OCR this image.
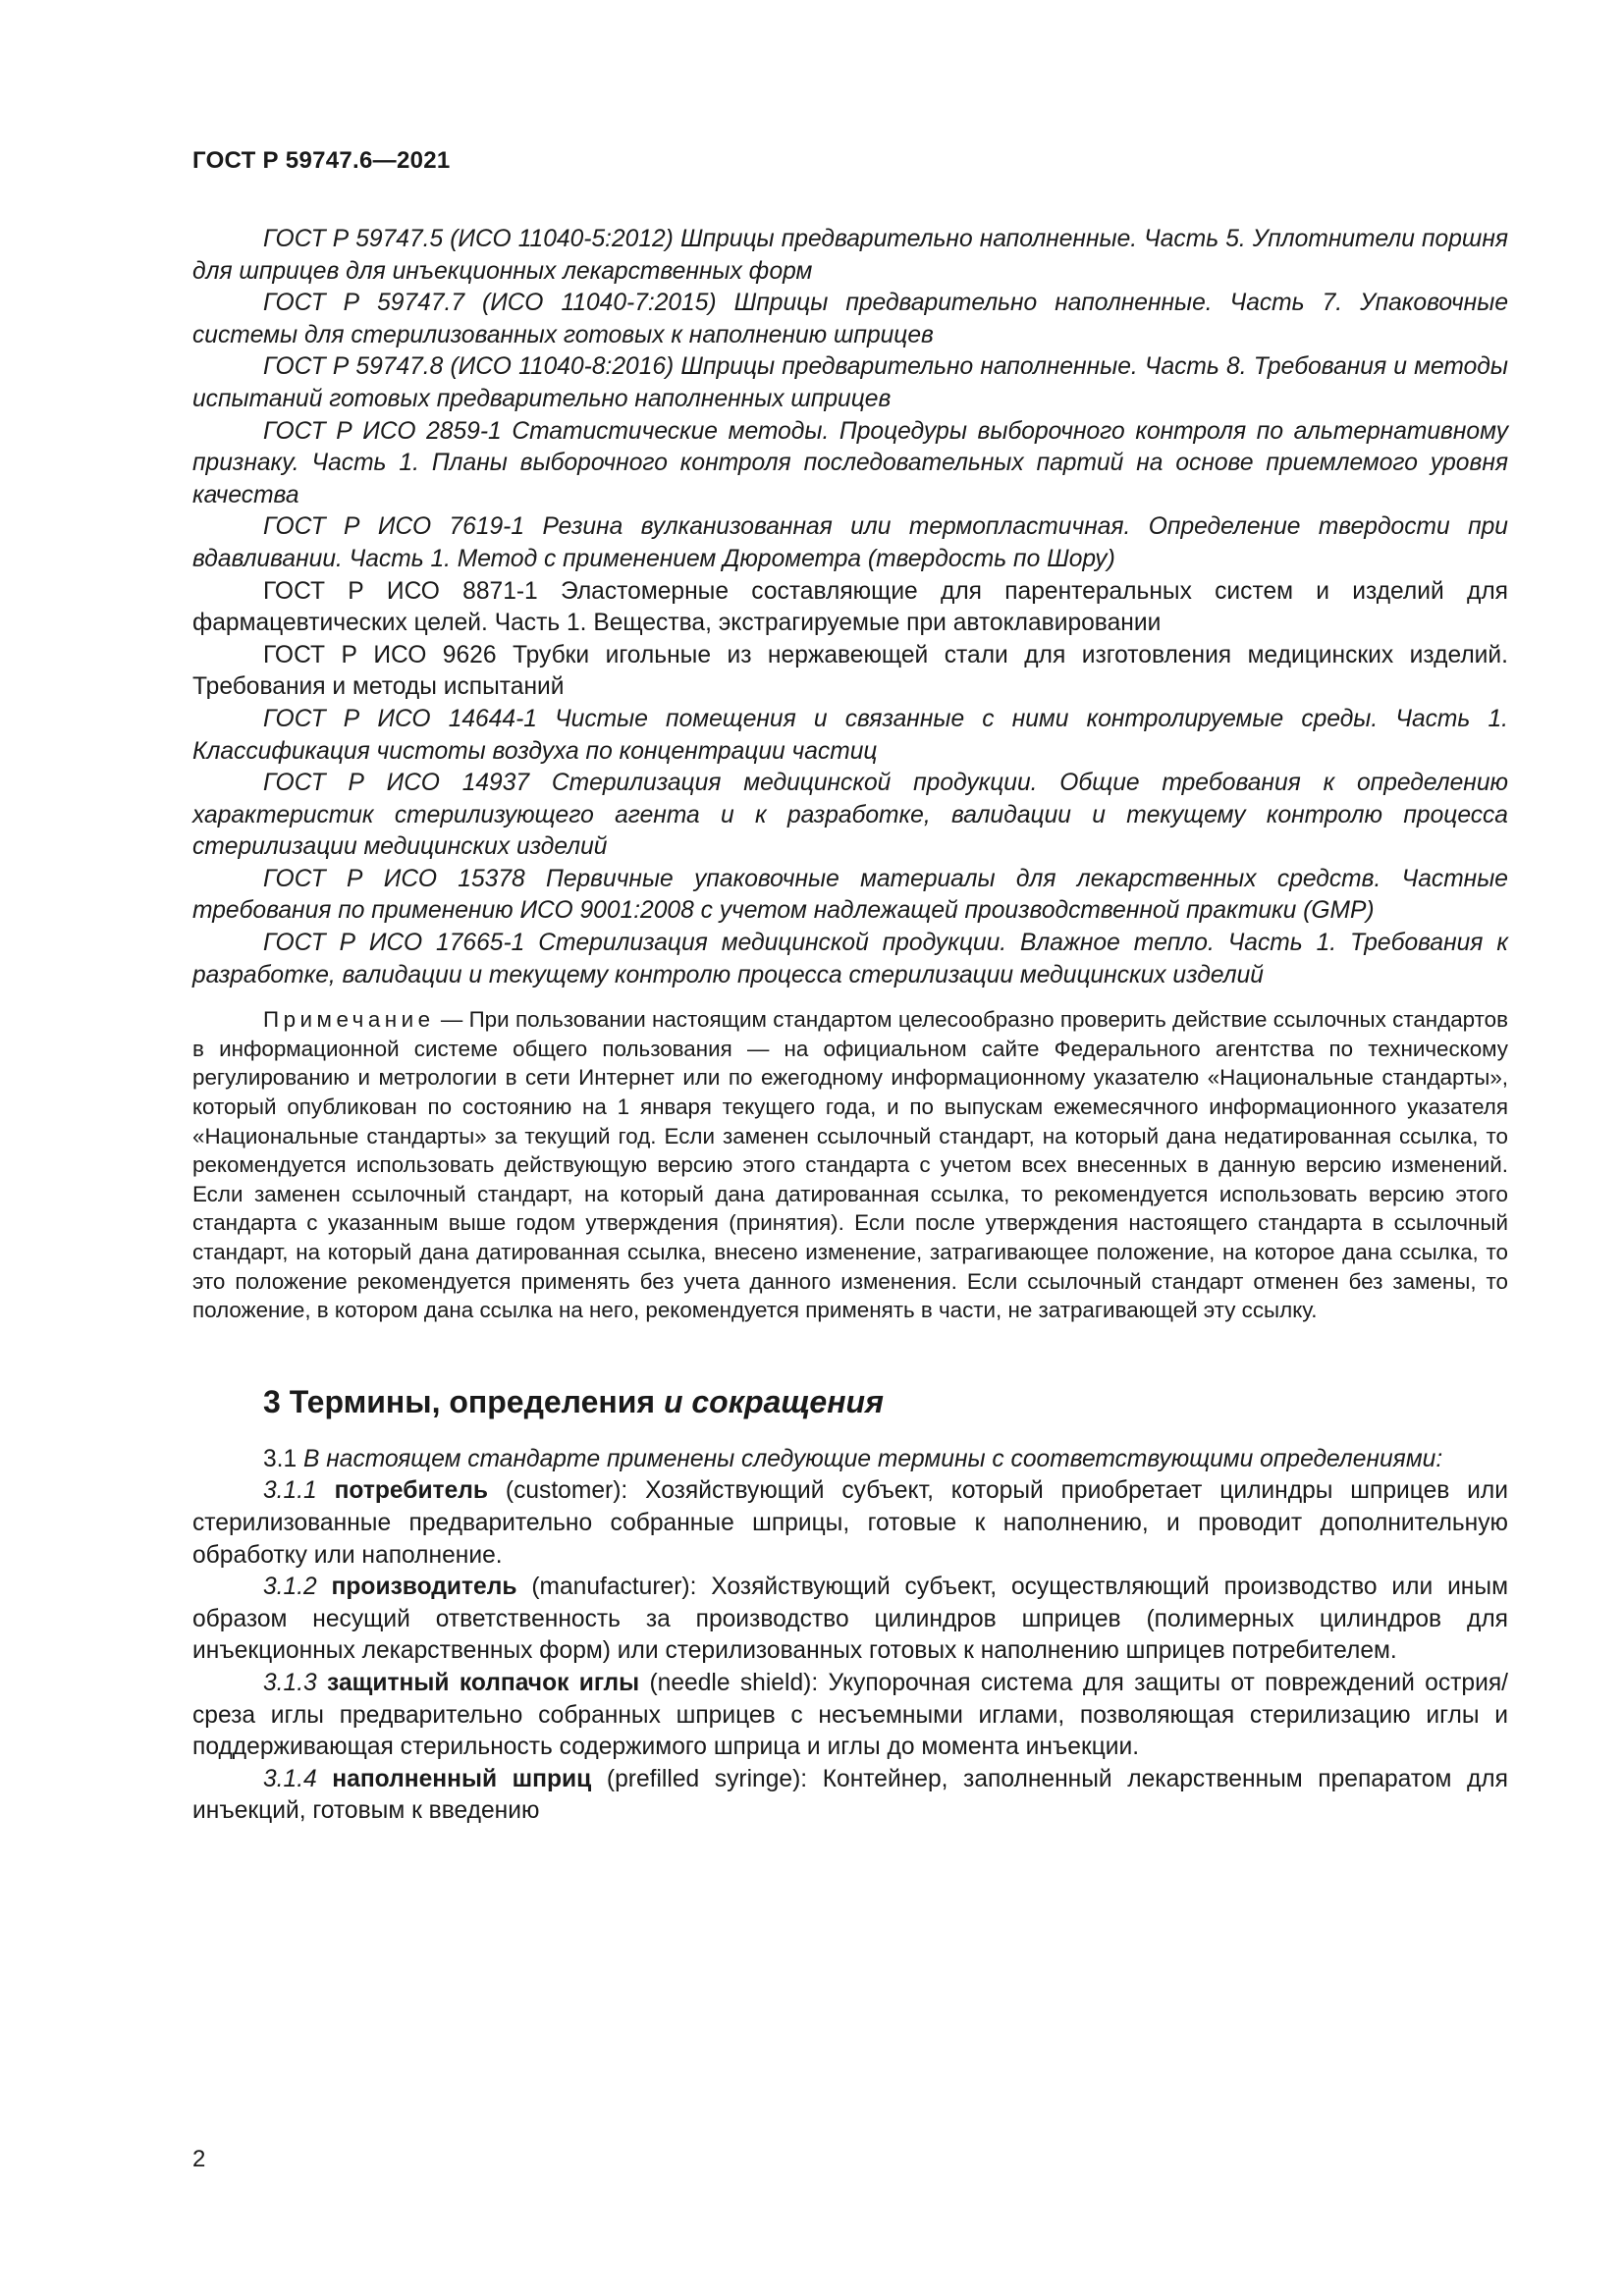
ГОСТ Р 59747.6—2021

ГОСТ Р 59747.5 (ИСО 11040-5:2012) Шприцы предварительно наполненные. Часть 5. Уплотнители поршня для шприцев для инъекционных лекарственных форм

ГОСТ Р 59747.7 (ИСО 11040-7:2015) Шприцы предварительно наполненные. Часть 7. Упаковочные системы для стерилизованных готовых к наполнению шприцев

ГОСТ Р 59747.8 (ИСО 11040-8:2016) Шприцы предварительно наполненные. Часть 8. Требования и методы испытаний готовых предварительно наполненных шприцев

ГОСТ Р ИСО 2859-1 Статистические методы. Процедуры выборочного контроля по альтернативному признаку. Часть 1. Планы выборочного контроля последовательных партий на основе приемлемого уровня качества

ГОСТ Р ИСО 7619-1 Резина вулканизованная или термопластичная. Определение твердости при вдавливании. Часть 1. Метод с применением Дюрометра (твердость по Шору)

ГОСТ Р ИСО 8871-1 Эластомерные составляющие для парентеральных систем и изделий для фармацевтических целей. Часть 1. Вещества, экстрагируемые при автоклавировании

ГОСТ Р ИСО 9626 Трубки игольные из нержавеющей стали для изготовления медицинских изделий. Требования и методы испытаний

ГОСТ Р ИСО 14644-1 Чистые помещения и связанные с ними контролируемые среды. Часть 1. Классификация чистоты воздуха по концентрации частиц

ГОСТ Р ИСО 14937 Стерилизация медицинской продукции. Общие требования к определению характеристик стерилизующего агента и к разработке, валидации и текущему контролю процесса стерилизации медицинских изделий

ГОСТ Р ИСО 15378 Первичные упаковочные материалы для лекарственных средств. Частные требования по применению ИСО 9001:2008 с учетом надлежащей производственной практики (GMP)

ГОСТ Р ИСО 17665-1 Стерилизация медицинской продукции. Влажное тепло. Часть 1. Требования к разработке, валидации и текущему контролю процесса стерилизации медицинских изделий

Примечание — При пользовании настоящим стандартом целесообразно проверить действие ссылочных стандартов в информационной системе общего пользования — на официальном сайте Федерального агентства по техническому регулированию и метрологии в сети Интернет или по ежегодному информационному указателю «Национальные стандарты», который опубликован по состоянию на 1 января текущего года, и по выпускам ежемесячного информационного указателя «Национальные стандарты» за текущий год. Если заменен ссылочный стандарт, на который дана недатированная ссылка, то рекомендуется использовать действующую версию этого стандарта с учетом всех внесенных в данную версию изменений. Если заменен ссылочный стандарт, на который дана датированная ссылка, то рекомендуется использовать версию этого стандарта с указанным выше годом утверждения (принятия). Если после утверждения настоящего стандарта в ссылочный стандарт, на который дана датированная ссылка, внесено изменение, затрагивающее положение, на которое дана ссылка, то это положение рекомендуется применять без учета данного изменения. Если ссылочный стандарт отменен без замены, то положение, в котором дана ссылка на него, рекомендуется применять в части, не затрагивающей эту ссылку.

3 Термины, определения и сокращения

3.1 В настоящем стандарте применены следующие термины с соответствующими определениями:

3.1.1 потребитель (customer): Хозяйствующий субъект, который приобретает цилиндры шприцев или стерилизованные предварительно собранные шприцы, готовые к наполнению, и проводит дополнительную обработку или наполнение.

3.1.2 производитель (manufacturer): Хозяйствующий субъект, осуществляющий производство или иным образом несущий ответственность за производство цилиндров шприцев (полимерных цилиндров для инъекционных лекарственных форм) или стерилизованных готовых к наполнению шприцев потребителем.

3.1.3 защитный колпачок иглы (needle shield): Укупорочная система для защиты от повреждений острия/среза иглы предварительно собранных шприцев с несъемными иглами, позволяющая стерилизацию иглы и поддерживающая стерильность содержимого шприца и иглы до момента инъекции.

3.1.4 наполненный шприц (prefilled syringe): Контейнер, заполненный лекарственным препаратом для инъекций, готовым к введению

2
